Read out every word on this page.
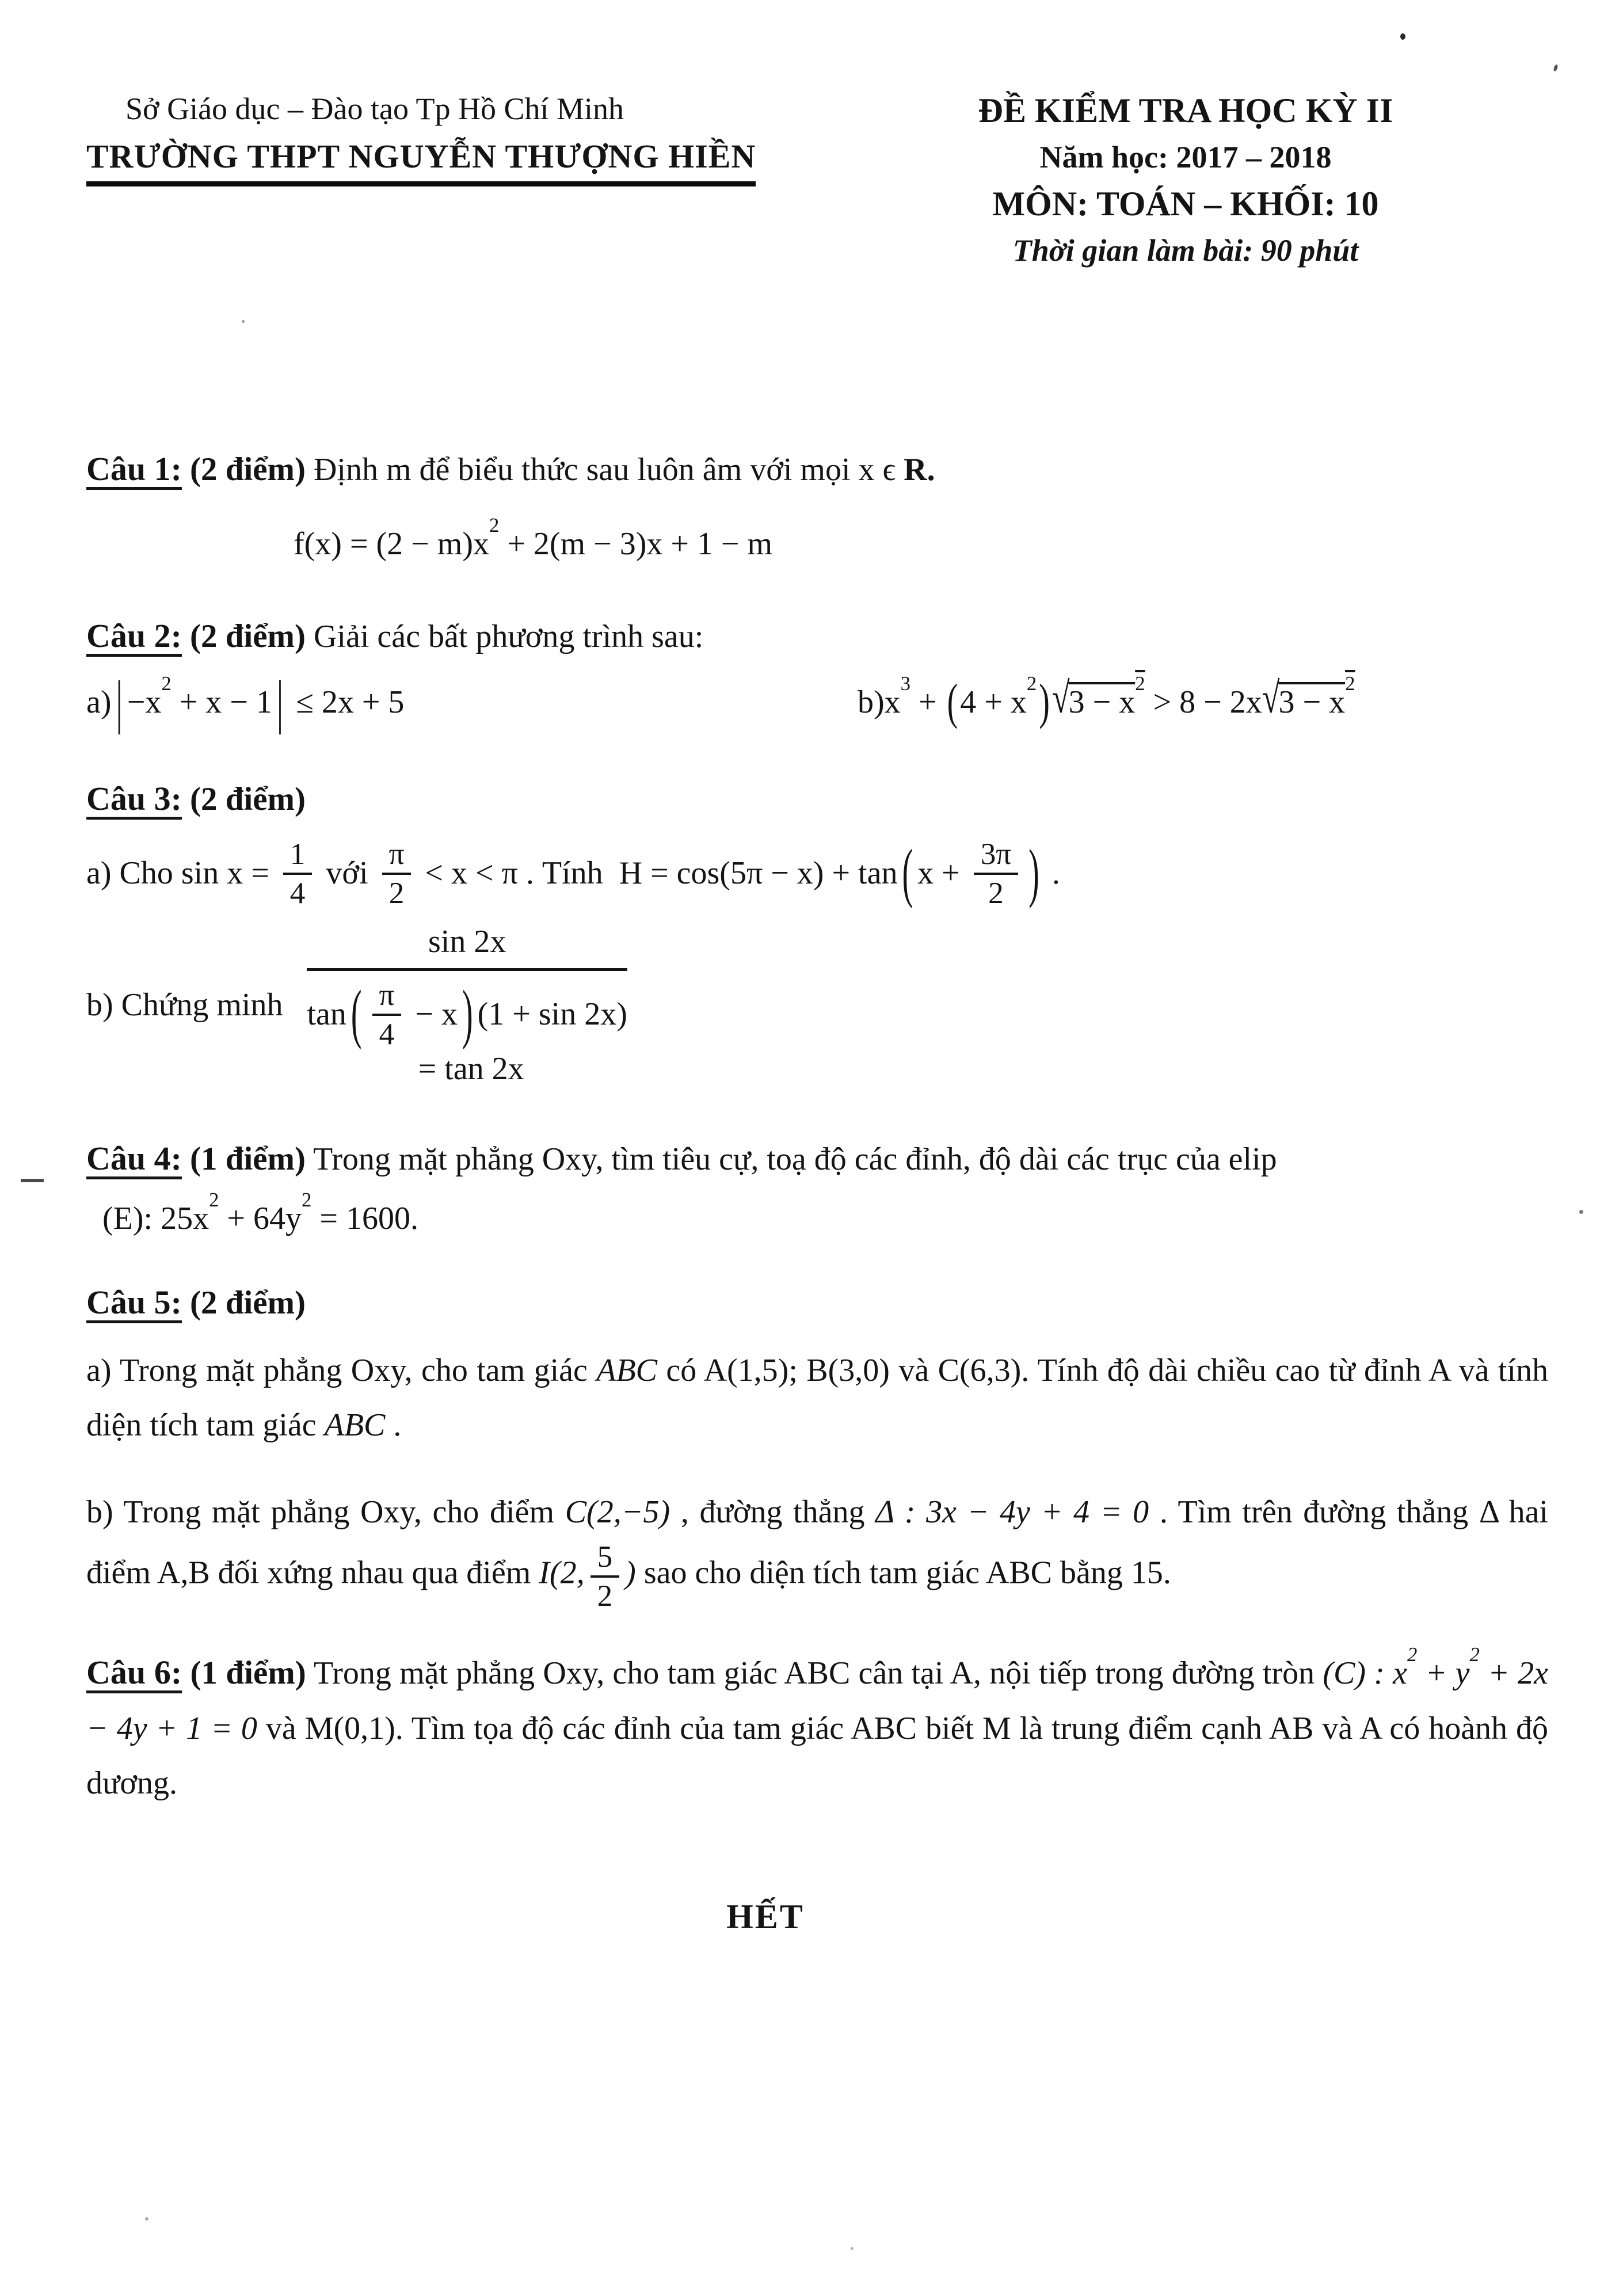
Sở Giáo dục – Đào tạo Tp Hồ Chí Minh
TRƯỜNG THPT NGUYỄN THƯỢNG HIỀN
ĐỀ KIỂM TRA HỌC KỲ II
Năm học: 2017 – 2018
MÔN: TOÁN – KHỐI: 10
Thời gian làm bài: 90 phút

Câu 1: (2 điểm) Định m để biểu thức sau luôn âm với mọi x ϵ R.

$f(x) = (2 - m)x^2 + 2(m - 3)x + 1 - m$

Câu 2: (2 điểm) Giải các bất phương trình sau:

a) | $-x^2 + x - 1$ | ≤ 2x + 5	$b)x^3 + (4 + x^2)√3 - x^2 > 8 - 2x√3 - x^2$

Câu 3: (2 điểm)

a) Cho $\sin x = \frac{1}{4}$ với $\frac{\pi}{2} < x < \pi$ . Tính  H = cos(5π − x) + tan ( $x + \frac{3\pi}{2}$ ) .
b) Chứng minh
sin 2x
tan ( $\frac{\pi}{4} - x$ ) (1 + sin 2x)
= tan 2x

Câu 4: (1 điểm) Trong mặt phẳng Oxy, tìm tiêu cự, toạ độ các đỉnh, độ dài các trục của elip

(E): $25x^2 + 64y^2 = 1600$.

Câu 5: (2 điểm)

a) Trong mặt phẳng Oxy, cho tam giác ABC có A(1,5); B(3,0) và C(6,3). Tính độ dài chiều cao từ đỉnh A và tính diện tích tam giác ABC .

b) Trong mặt phẳng Oxy, cho điểm C(2,−5) , đường thẳng Δ : 3x − 4y + 4 = 0 . Tìm trên đường thẳng Δ hai điểm A,B đối xứng nhau qua điểm I(2, $\frac{5}{2}$ ) sao cho diện tích tam giác ABC bằng 15.

Câu 6: (1 điểm) Trong mặt phẳng Oxy, cho tam giác ABC cân tại A, nội tiếp trong đường tròn (C) : $x^2 + y^2 + 2x - 4y + 1 = 0$ và M(0,1). Tìm tọa độ các đỉnh của tam giác ABC biết M là trung điểm cạnh AB và A có hoành độ dương.

HẾT
